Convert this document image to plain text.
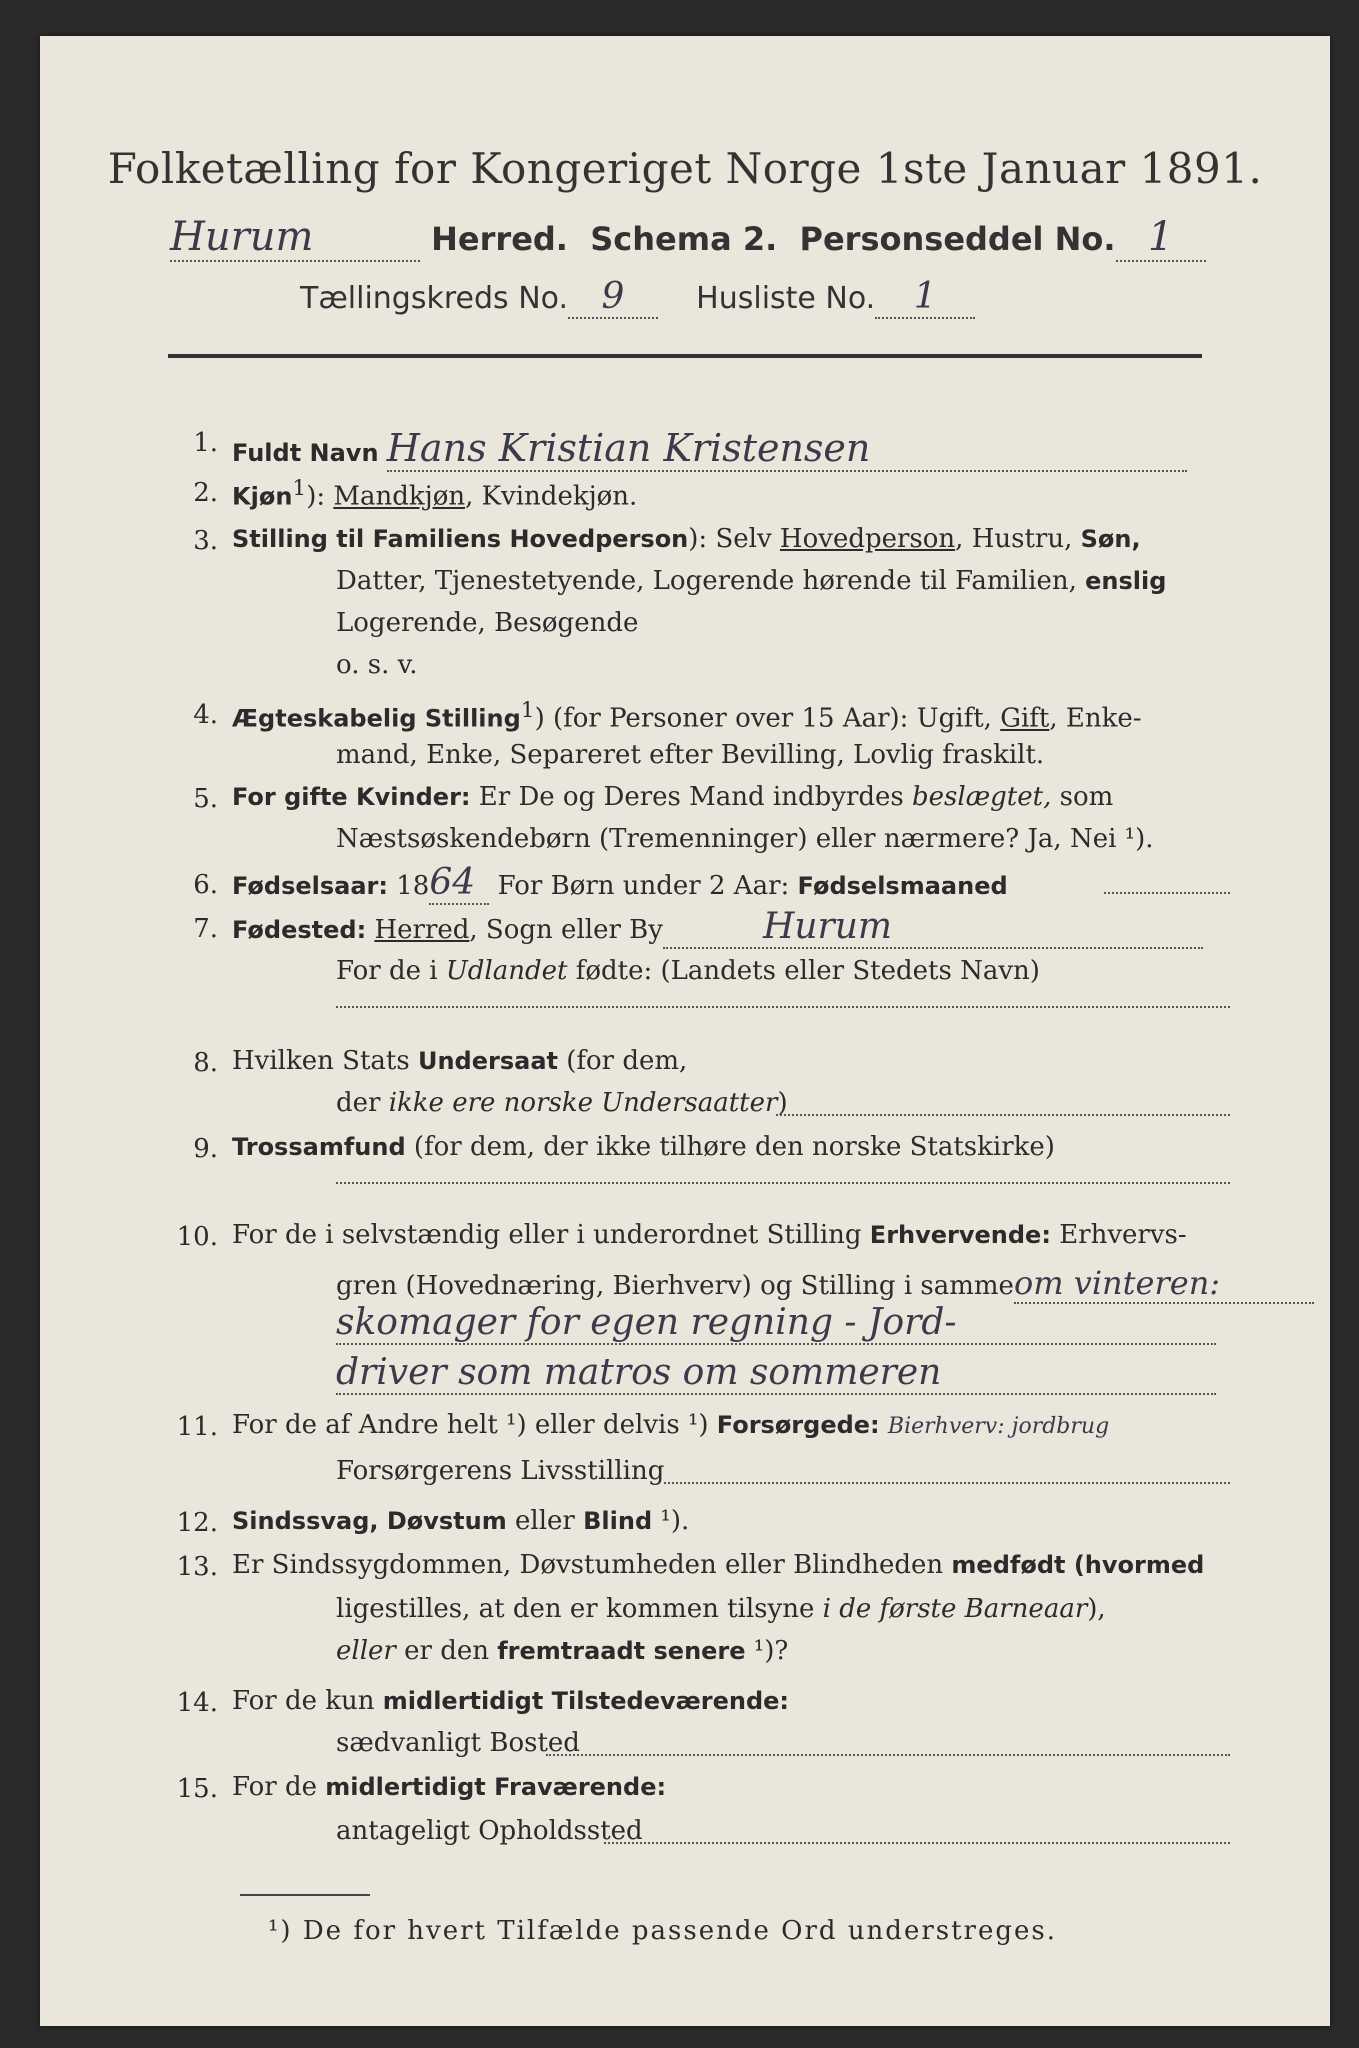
Folketælling for Kongeriget Norge 1ste Januar 1891.
Hurum	Herred. Schema 2. Personseddel No. 1
Tællingskreds No. 9 Husliste No. 1
1. Fuldt Navn Hans Kristian Kristensen
2. Kjøn$^1$): Mandkjøn, Kvindekjøn.
3. Stilling til Familiens Hovedperson): Selv Hovedperson, Hustru, Søn,
Datter, Tjenestetyende, Logerende hørende til Familien, enslig
Logerende, Besøgende
o. s. v.
4. Ægteskabelig Stilling$^1$) (for Personer over 15 Aar): Ugift, Gift, Enke-
mand, Enke, Separeret efter Bevilling, Lovlig fraskilt.
5. For gifte Kvinder: Er De og Deres Mand indbyrdes beslægtet, som
Næstsøskendebørn (Tremenninger) eller nærmere? Ja, Nei ¹).
6. Fødselsaar: 1864 For Børn under 2 Aar: Fødselsmaaned
7. Fødested: Herred, Sogn eller By	Hurum
For de i Udlandet fødte: (Landets eller Stedets Navn)
8. Hvilken Stats Undersaat (for dem,
der ikke ere norske Undersaatter)
9. Trossamfund (for dem, der ikke tilhøre den norske Statskirke)
10. For de i selvstændig eller i underordnet Stilling Erhvervende: Erhvervs-
gren (Hovednæring, Bierhverv) og Stilling i sammeom vinteren:
skomager for egen regning - Jord-
driver som matros om sommeren
11. For de af Andre helt ¹) eller delvis ¹) Forsørgede: Bierhverv: jordbrug
Forsørgerens Livsstilling
12. Sindssvag, Døvstum eller Blind ¹).
13. Er Sindssygdommen, Døvstumheden eller Blindheden medfødt (hvormed
ligestilles, at den er kommen tilsyne i de første Barneaar),
eller er den fremtraadt senere ¹)?
14. For de kun midlertidigt Tilstedeværende:
sædvanligt Bosted
15. For de midlertidigt Fraværende:
antageligt Opholdssted
¹) De for hvert Tilfælde passende Ord understreges.
